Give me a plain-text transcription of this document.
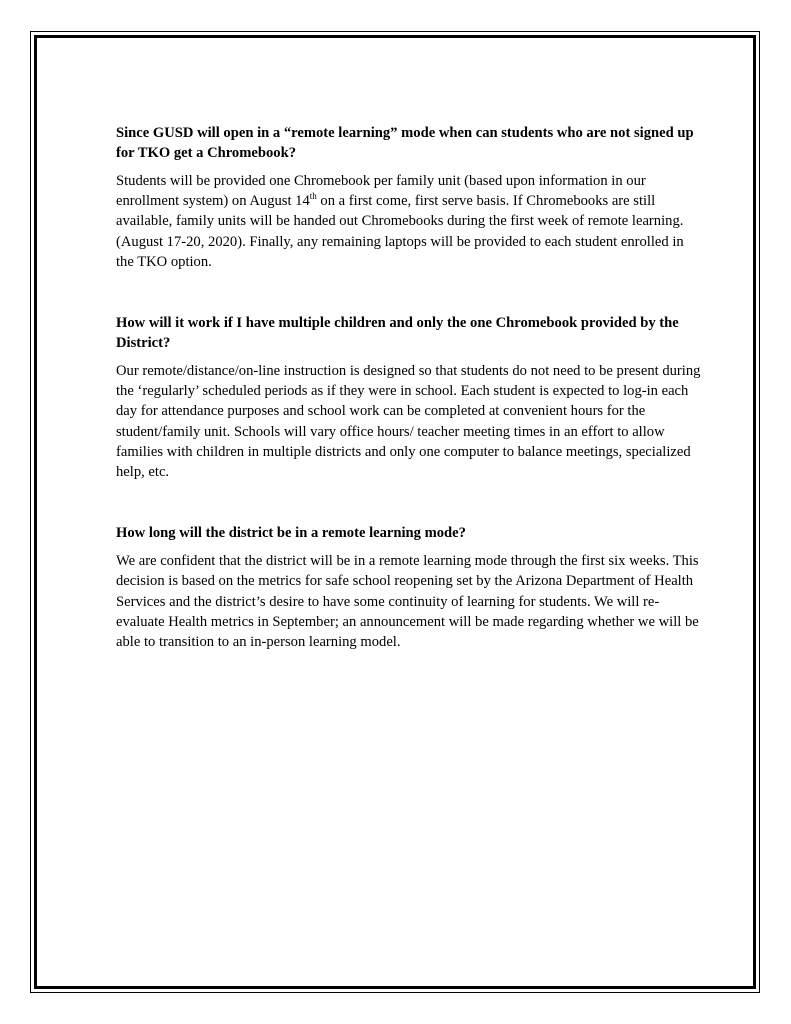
Since GUSD will open in a “remote learning” mode when can students who are not signed up for TKO get a Chromebook?

Students will be provided one Chromebook per family unit (based upon information in our enrollment system) on August 14th on a first come, first serve basis. If Chromebooks are still available, family units will be handed out Chromebooks during the first week of remote learning. (August 17-20, 2020). Finally, any remaining laptops will be provided to each student enrolled in the TKO option.

How will it work if I have multiple children and only the one Chromebook provided by the District?

Our remote/distance/on-line instruction is designed so that students do not need to be present during the ‘regularly’ scheduled periods as if they were in school. Each student is expected to log-in each day for attendance purposes and school work can be completed at convenient hours for the student/family unit. Schools will vary office hours/ teacher meeting times in an effort to allow families with children in multiple districts and only one computer to balance meetings, specialized help, etc.

How long will the district be in a remote learning mode?

We are confident that the district will be in a remote learning mode through the first six weeks. This decision is based on the metrics for safe school reopening set by the Arizona Department of Health Services and the district’s desire to have some continuity of learning for students. We will re-evaluate Health metrics in September; an announcement will be made regarding whether we will be able to transition to an in-person learning model.
